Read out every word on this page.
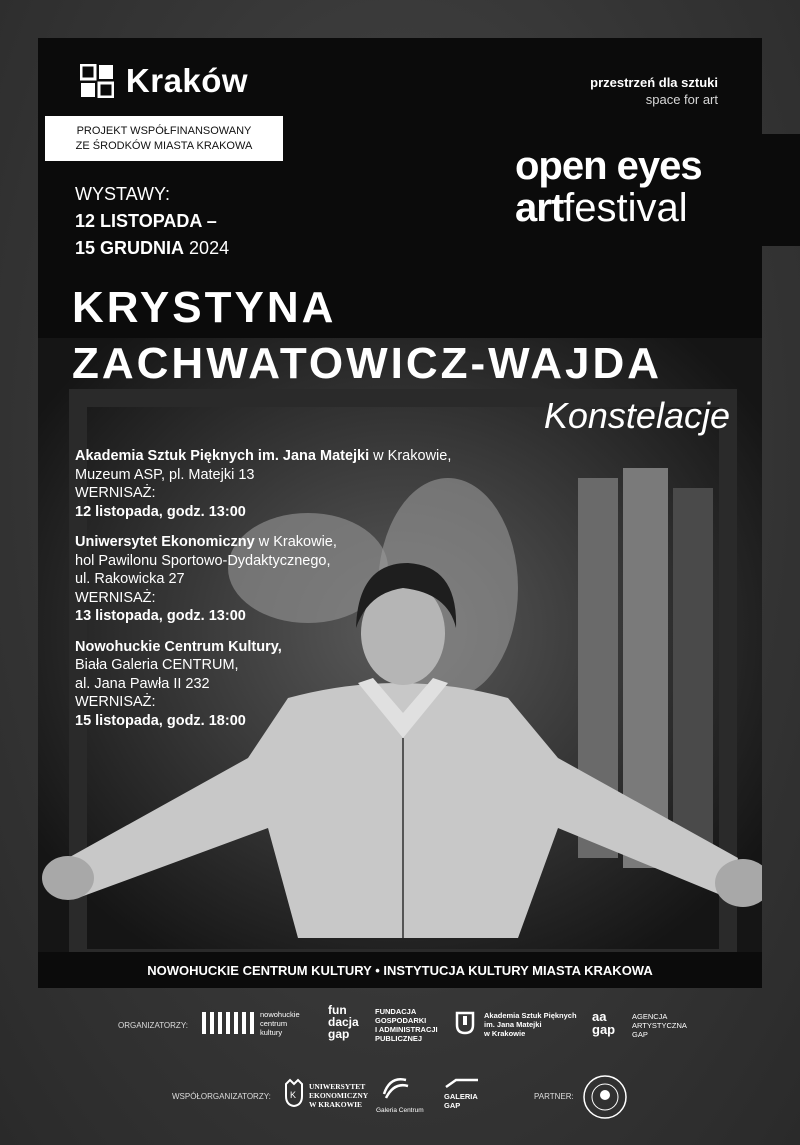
Kraków
PROJEKT WSPÓŁFINANSOWANY
ZE ŚRODKÓW MIASTA KRAKOWA
przestrzeń dla sztuki
space for art
open eyes
artfestival
WYSTAWY:
12 LISTOPADA –
15 GRUDNIA 2024
KRYSTYNA
ZACHWATOWICZ-WAJDA
Konstelacje
Akademia Sztuk Pięknych im. Jana Matejki w Krakowie,
Muzeum ASP, pl. Matejki 13
WERNISAŻ:
12 listopada, godz. 13:00
Uniwersytet Ekonomiczny w Krakowie,
hol Pawilonu Sportowo-Dydaktycznego,
ul. Rakowicka 27
WERNISAŻ:
13 listopada, godz. 13:00
Nowohuckie Centrum Kultury,
Biała Galeria CENTRUM,
al. Jana Pawła II 232
WERNISAŻ:
15 listopada, godz. 18:00
NOWOHUCKIE CENTRUM KULTURY • INSTYTUCJA KULTURY MIASTA KRAKOWA
ORGANIZATORZY:
nowohuckie
centrum
kultury
fun
dacja
gap
FUNDACJA
GOSPODARKI
I ADMINISTRACJI
PUBLICZNEJ
Akademia Sztuk Pięknych
im. Jana Matejki
w Krakowie
aa
gap
AGENCJA
ARTYSTYCZNA
GAP
WSPÓŁORGANIZATORZY: K
UNIWERSYTET
EKONOMICZNY
W KRAKOWIE
Galeria Centrum
GALERIA
GAP
PARTNER:
